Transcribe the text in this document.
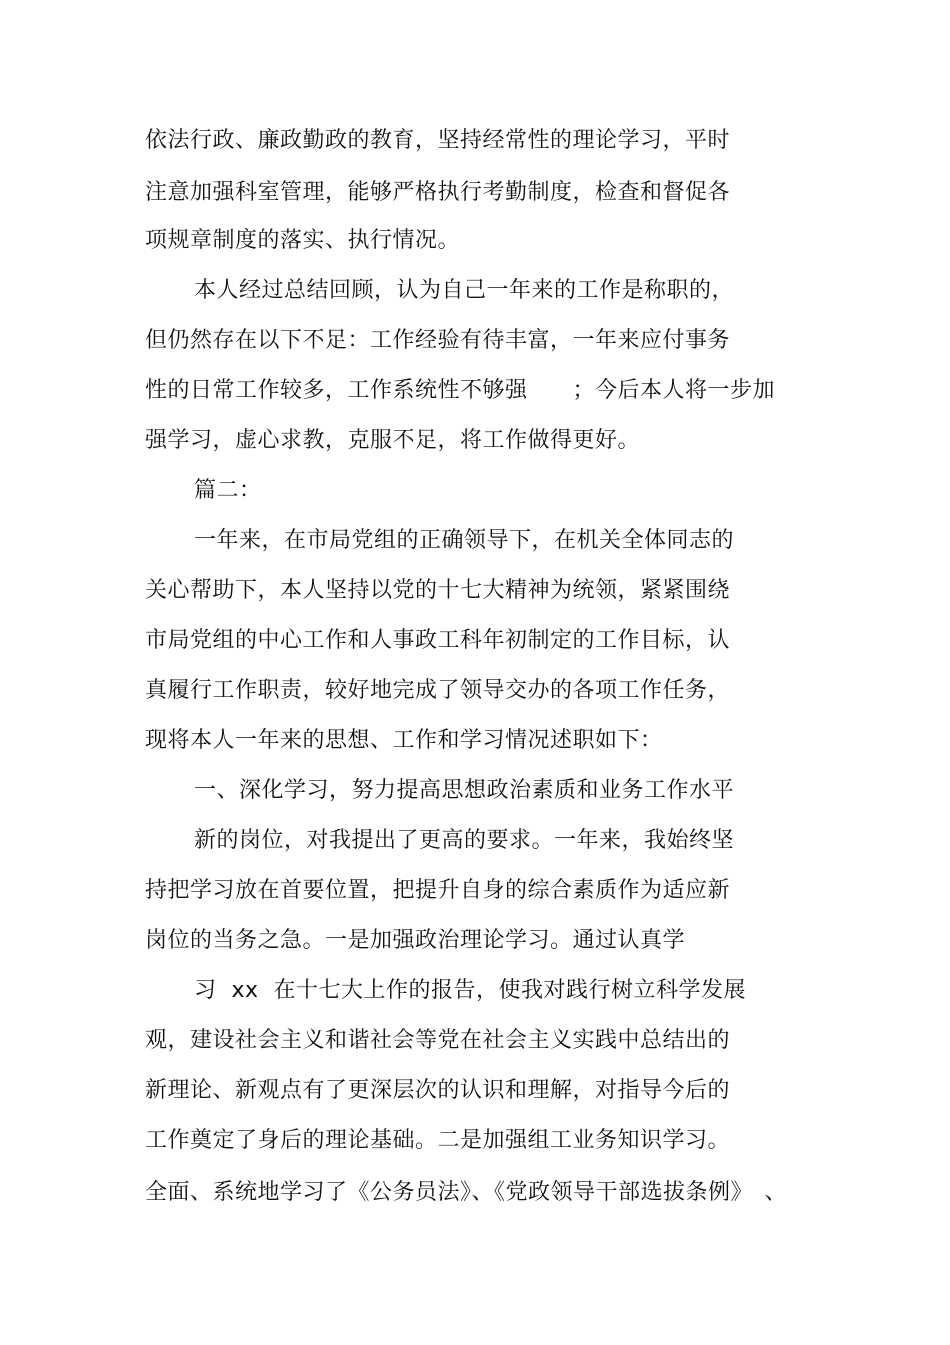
依法行政、廉政勤政的教育，坚持经常性的理论学习，平时
注意加强科室管理，能够严格执行考勤制度，检查和督促各
项规章制度的落实、执行情况。
本人经过总结回顾，认为自己一年来的工作是称职的，
但仍然存在以下不足：工作经验有待丰富，一年来应付事务
性的日常工作较多，工作系统性不够强　　；今后本人将一步加
强学习，虚心求教，克服不足，将工作做得更好。
篇二：
一年来，在市局党组的正确领导下，在机关全体同志的
关心帮助下，本人坚持以党的十七大精神为统领，紧紧围绕
市局党组的中心工作和人事政工科年初制定的工作目标，认
真履行工作职责，较好地完成了领导交办的各项工作任务，
现将本人一年来的思想、工作和学习情况述职如下：
一、深化学习，努力提高思想政治素质和业务工作水平
新的岗位，对我提出了更高的要求。一年来，我始终坚
持把学习放在首要位置，把提升自身的综合素质作为适应新
岗位的当务之急。一是加强政治理论学习。通过认真学
习  xx  在十七大上作的报告，使我对践行树立科学发展
观，建设社会主义和谐社会等党在社会主义实践中总结出的
新理论、新观点有了更深层次的认识和理解，对指导今后的
工作奠定了身后的理论基础。二是加强组工业务知识学习。
全面、系统地学习了《公务员法》、《党政领导干部选拔条例》　、
